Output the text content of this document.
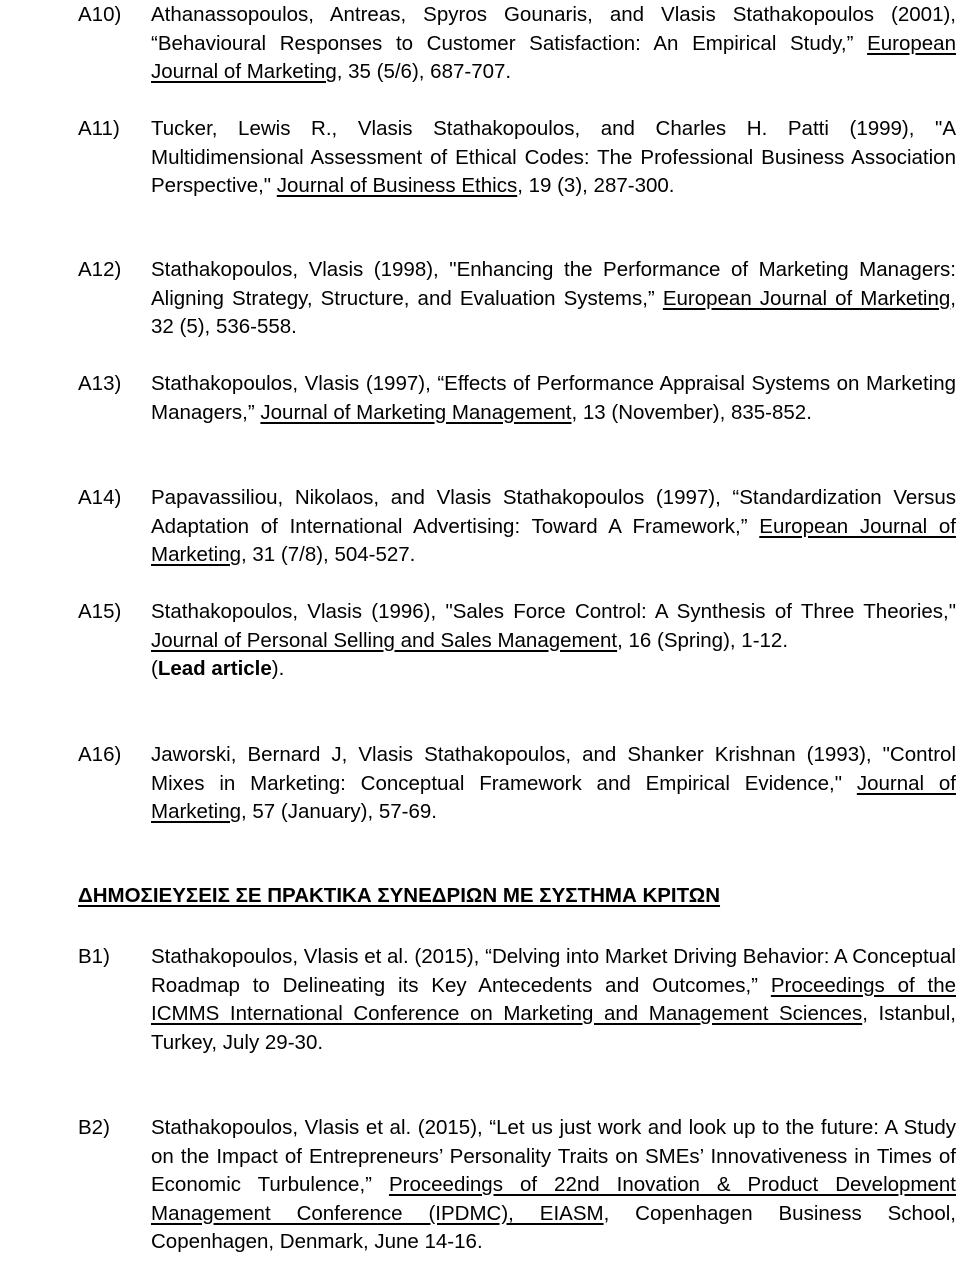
A10) Athanassopoulos, Antreas, Spyros Gounaris, and Vlasis Stathakopoulos (2001), “Behavioural Responses to Customer Satisfaction: An Empirical Study,” European Journal of Marketing, 35 (5/6), 687-707.
A11) Tucker, Lewis R., Vlasis Stathakopoulos, and Charles H. Patti (1999), "A Multidimensional Assessment of Ethical Codes: The Professional Business Association Perspective," Journal of Business Ethics, 19 (3), 287-300.
A12) Stathakopoulos, Vlasis (1998), "Enhancing the Performance of Marketing Managers: Aligning Strategy, Structure, and Evaluation Systems,” European Journal of Marketing, 32 (5), 536-558.
A13) Stathakopoulos, Vlasis (1997), “Effects of Performance Appraisal Systems on Marketing Managers,” Journal of Marketing Management, 13 (November), 835-852.
A14) Papavassiliou, Nikolaos, and Vlasis Stathakopoulos (1997), “Standardization Versus Adaptation of International Advertising: Toward A Framework,” European Journal of Marketing, 31 (7/8), 504-527.
A15) Stathakopoulos, Vlasis (1996), "Sales Force Control: A Synthesis of Three Theories," Journal of Personal Selling and Sales Management, 16 (Spring), 1-12.
(Lead article).
A16) Jaworski, Bernard J, Vlasis Stathakopoulos, and Shanker Krishnan (1993), "Control Mixes in Marketing: Conceptual Framework and Empirical Evidence," Journal of Marketing, 57 (January), 57-69.
ΔΗΜΟΣΙΕΥΣΕΙΣ ΣΕ ΠΡΑΚΤΙΚΑ ΣΥΝΕΔΡΙΩΝ ΜΕ ΣΥΣΤΗΜΑ ΚΡΙΤΩΝ
B1) Stathakopoulos, Vlasis et al. (2015), “Delving into Market Driving Behavior: A Conceptual Roadmap to Delineating its Key Antecedents and Outcomes,” Proceedings of the ICMMS International Conference on Marketing and Management Sciences, Istanbul, Turkey, July 29-30.
B2) Stathakopoulos, Vlasis et al. (2015), “Let us just work and look up to the future: A Study on the Impact of Entrepreneurs’ Personality Traits on SMEs’ Innovativeness in Times of Economic Turbulence,” Proceedings of 22nd Inovation & Product Development Management Conference (IPDMC), EIASM, Copenhagen Business School, Copenhagen, Denmark, June 14-16.
